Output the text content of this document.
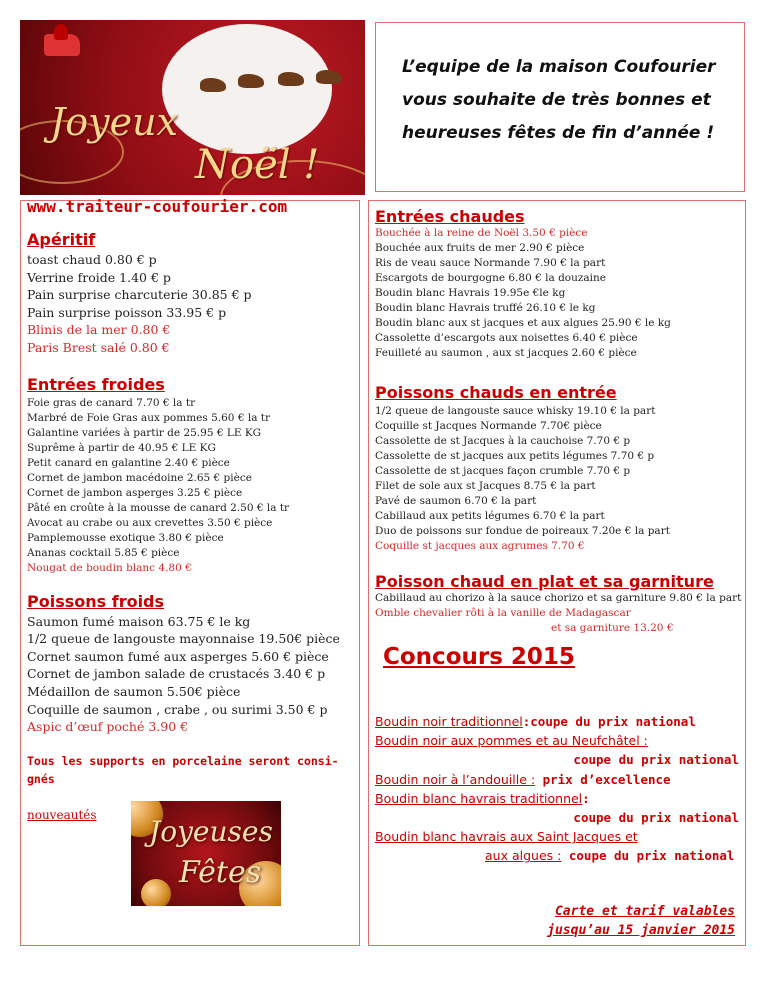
Joyeux
Noël !

L’equipe de la maison Coufourier

vous souhaite de très bonnes et

heureuses fêtes de fin d’année !

www.traiteur-coufourier.com
Apéritif
toast chaud 0.80 € p
Verrine froide 1.40 € p
Pain surprise charcuterie 30.85 € p
Pain surprise poisson 33.95 € p
Blinis de la mer 0.80 €
Paris Brest salé 0.80 €
Entrées froides
Foie gras de canard 7.70 € la tr
Marbré de Foie Gras aux pommes 5.60 € la tr
Galantine variées à partir de 25.95 € LE KG
Suprême à partir de 40.95 € LE KG
Petit canard en galantine 2.40 € pièce
Cornet de jambon macédoine 2.65 € pièce
Cornet de jambon asperges 3.25 € pièce
Pâté en croûte à la mousse de canard 2.50 € la tr
Avocat au crabe ou aux crevettes 3.50 € pièce
Pamplemousse exotique 3.80 € pièce
Ananas cocktail 5.85 € pièce
Nougat de boudin blanc 4.80 €
Poissons froids
Saumon fumé maison 63.75 € le kg
1/2 queue de langouste mayonnaise 19.50€ pièce
Cornet saumon fumé aux asperges 5.60 € pièce
Cornet de jambon salade de crustacés 3.40 € p
Médaillon de saumon 5.50€ pièce
Coquille de saumon , crabe , ou surimi 3.50 € p
Aspic d’œuf poché 3.90 €
Tous les supports en porcelaine seront consi-
gnés
nouveautés
Joyeuses
Fêtes
Entrées chaudes
Bouchée à la reine de Noël 3.50 € pièce
Bouchée aux fruits de mer 2.90 € pièce
Ris de veau sauce Normande 7.90 € la part
Escargots de bourgogne 6.80 € la douzaine
Boudin blanc Havrais 19.95e €le kg
Boudin blanc Havrais truffé 26.10 € le kg
Boudin blanc aux st jacques et aux algues 25.90 € le kg
Cassolette d’escargots aux noisettes 6.40 € pièce
Feuilleté au saumon , aux st jacques 2.60 € pièce
Poissons chauds en entrée
1/2 queue de langouste sauce whisky 19.10 € la part
Coquille st Jacques Normande 7.70€ pièce
Cassolette de st Jacques à la cauchoise 7.70 € p
Cassolette de st jacques aux petits légumes 7.70 € p
Cassolette de st jacques façon crumble 7.70 € p
Filet de sole aux st Jacques 8.75 € la part
Pavé de saumon 6.70 € la part
Cabillaud aux petits légumes 6.70 € la part
Duo de poissons sur fondue de poireaux 7.20e € la part
Coquille st jacques aux agrumes 7.70 €
Poisson chaud en plat et sa garniture
Cabillaud au chorizo à la sauce chorizo et sa garniture 9.80 € la part
Omble chevalier rôti à la vanille de Madagascar
et sa garniture 13.20 €
Concours 2015
Boudin noir traditionnel:coupe du prix national
Boudin noir aux pommes et au Neufchâtel :
coupe du prix national
Boudin noir à l’andouille : prix d’excellence
Boudin blanc havrais traditionnel:
coupe du prix national
Boudin blanc havrais aux Saint Jacques et
aux algues : coupe du prix national
Carte et tarif valables
jusqu’au 15 janvier 2015
